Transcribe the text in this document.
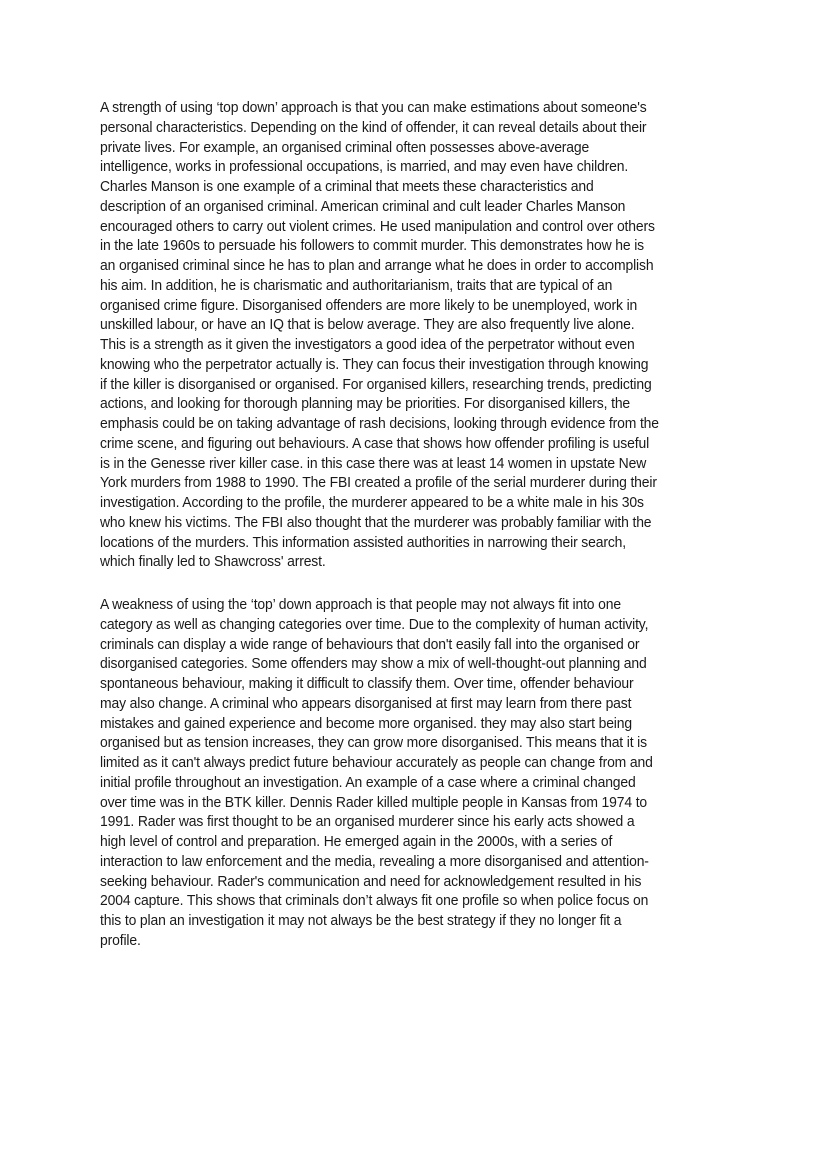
A strength of using ‘top down’ approach is that you can make estimations about someone's
personal characteristics. Depending on the kind of offender, it can reveal details about their
private lives. For example, an organised criminal often possesses above-average
intelligence, works in professional occupations, is married, and may even have children.
Charles Manson is one example of a criminal that meets these characteristics and
description of an organised criminal. American criminal and cult leader Charles Manson
encouraged others to carry out violent crimes. He used manipulation and control over others
in the late 1960s to persuade his followers to commit murder. This demonstrates how he is
an organised criminal since he has to plan and arrange what he does in order to accomplish
his aim. In addition, he is charismatic and authoritarianism, traits that are typical of an
organised crime figure. Disorganised offenders are more likely to be unemployed, work in
unskilled labour, or have an IQ that is below average. They are also frequently live alone.
This is a strength as it given the investigators a good idea of the perpetrator without even
knowing who the perpetrator actually is. They can focus their investigation through knowing
if the killer is disorganised or organised. For organised killers, researching trends, predicting
actions, and looking for thorough planning may be priorities. For disorganised killers, the
emphasis could be on taking advantage of rash decisions, looking through evidence from the
crime scene, and figuring out behaviours. A case that shows how offender profiling is useful
is in the Genesse river killer case. in this case there was at least 14 women in upstate New
York murders from 1988 to 1990. The FBI created a profile of the serial murderer during their
investigation. According to the profile, the murderer appeared to be a white male in his 30s
who knew his victims. The FBI also thought that the murderer was probably familiar with the
locations of the murders. This information assisted authorities in narrowing their search,
which finally led to Shawcross' arrest.
A weakness of using the ‘top’ down approach is that people may not always fit into one
category as well as changing categories over time. Due to the complexity of human activity,
criminals can display a wide range of behaviours that don't easily fall into the organised or
disorganised categories. Some offenders may show a mix of well-thought-out planning and
spontaneous behaviour, making it difficult to classify them. Over time, offender behaviour
may also change. A criminal who appears disorganised at first may learn from there past
mistakes and gained experience and become more organised. they may also start being
organised but as tension increases, they can grow more disorganised. This means that it is
limited as it can't always predict future behaviour accurately as people can change from and
initial profile throughout an investigation. An example of a case where a criminal changed
over time was in the BTK killer. Dennis Rader killed multiple people in Kansas from 1974 to
1991. Rader was first thought to be an organised murderer since his early acts showed a
high level of control and preparation. He emerged again in the 2000s, with a series of
interaction to law enforcement and the media, revealing a more disorganised and attention-
seeking behaviour. Rader's communication and need for acknowledgement resulted in his
2004 capture. This shows that criminals don’t always fit one profile so when police focus on
this to plan an investigation it may not always be the best strategy if they no longer fit a
profile.
